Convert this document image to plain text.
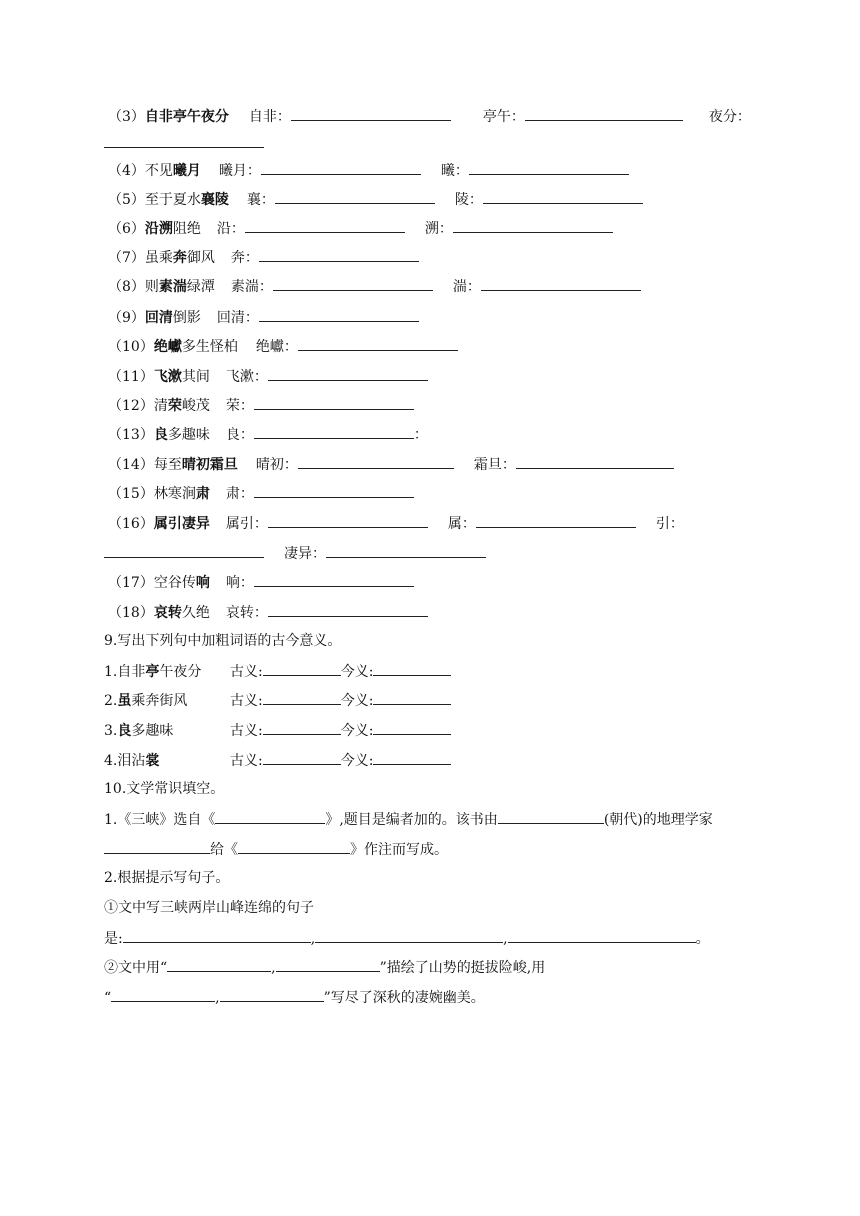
（3）自非亭午夜分 自非：	亭午：	夜分：
（4）不见曦月 曦月：	曦：
（5）至于夏水襄陵 襄：	陵：
（6）沿溯阻绝 沿：	溯：
（7）虽乘奔御风 奔：
（8）则素湍绿潭 素湍：	湍：
（9）回清倒影 回清：
（10）绝巘多生怪柏 绝巘：
（11）飞漱其间 飞漱：
（12）清荣峻茂 荣：
（13）良多趣味 良：	：
（14）每至晴初霜旦 晴初：	霜旦：
（15）林寒涧肃 肃：
（16）属引凄异 属引：	属：	引：
凄异：
（17）空谷传响 响：
（18）哀转久绝 哀转：
9.写出下列句中加粗词语的古今意义。
1.自非亭午夜分 古义:	今义:
2.虽乘奔街风	古义:	今义:
3.良多趣味	古义:	今义:
4.泪沾裳	古义:	今义:
10.文学常识填空。
1.《三峡》选自《	》,题目是编者加的。该书由	(朝代)的地理学家
给《	》作注而写成。
2.根据提示写句子。
①文中写三峡两岸山峰连绵的句子
是:	,	,	。
②文中用“	,	”描绘了山势的挺拔险峻,用
“	,	”写尽了深秋的凄婉幽美。
